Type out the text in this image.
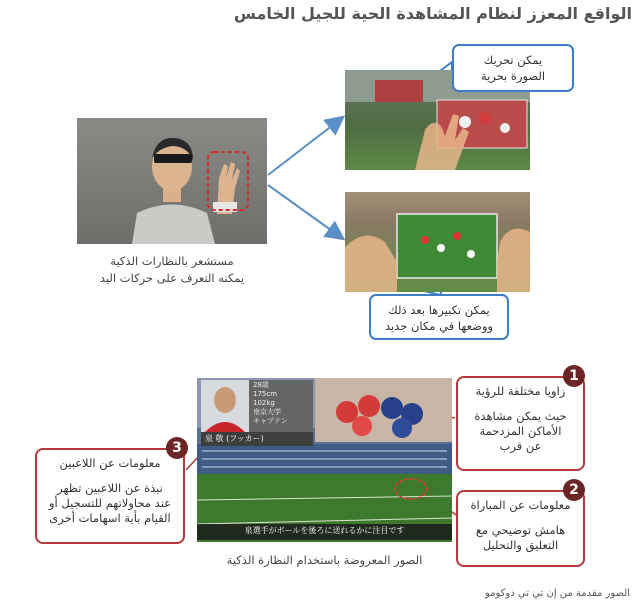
الواقع المعزز لنظام المشاهدة الحية للجيل الخامس
مستشعر بالنظارات الذكية
يمكنه التعرف على حركات اليد
يمكن تحريك
الصورة بحرية
يمكن تكبيرها بعد ذلك
ووضعها في مكان جديد
28歳
175cm
102kg
南京大学
キャプテン
泉 敬 (フッカー)
泉選手がボールを後ろに送れるかに注目です
الصور المعروضة باستخدام النظارة الذكية
زاويا مختلفة للرؤية
حيث يمكن مشاهدة
الأماكن المزدحمة
عن قرب
1
معلومات عن المباراة
هامش توضيحي مع
التعليق والتحليل
2
معلومات عن اللاعبين
نبذة عن اللاعبين تظهر
عند محاولاتهم للتسجيل أو
القيام بأية اسهامات أخرى
3
الصور مقدمة من إن تي تي دوكومو
